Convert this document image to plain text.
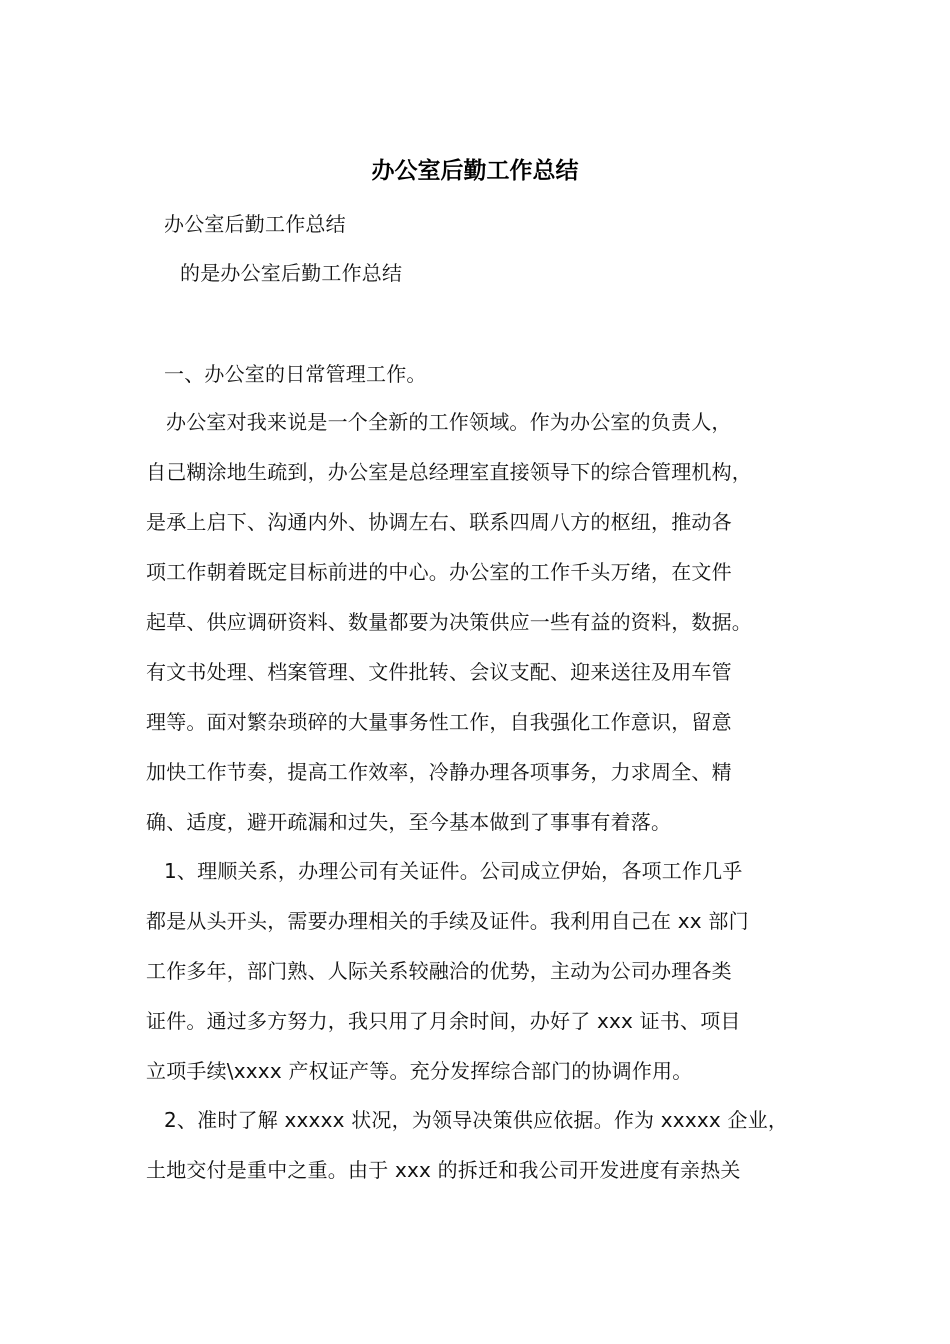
办公室后勤工作总结
办公室后勤工作总结
的是办公室后勤工作总结
一、办公室的日常管理工作。
办公室对我来说是一个全新的工作领域。作为办公室的负责人，
自己糊涂地生疏到，办公室是总经理室直接领导下的综合管理机构，
是承上启下、沟通内外、协调左右、联系四周八方的枢纽，推动各
项工作朝着既定目标前进的中心。办公室的工作千头万绪，在文件
起草、供应调研资料、数量都要为决策供应一些有益的资料，数据。
有文书处理、档案管理、文件批转、会议支配、迎来送往及用车管
理等。面对繁杂琐碎的大量事务性工作，自我强化工作意识，留意
加快工作节奏，提高工作效率，冷静办理各项事务，力求周全、精
确、适度，避开疏漏和过失，至今基本做到了事事有着落。
1、理顺关系，办理公司有关证件。公司成立伊始，各项工作几乎
都是从头开头，需要办理相关的手续及证件。我利用自己在 xx 部门
工作多年，部门熟、人际关系较融洽的优势，主动为公司办理各类
证件。通过多方努力，我只用了月余时间，办好了 xxx 证书、项目
立项手续\xxxx 产权证产等。充分发挥综合部门的协调作用。
2、准时了解 xxxxx 状况，为领导决策供应依据。作为 xxxxx 企业，
土地交付是重中之重。由于 xxx 的拆迁和我公司开发进度有亲热关
